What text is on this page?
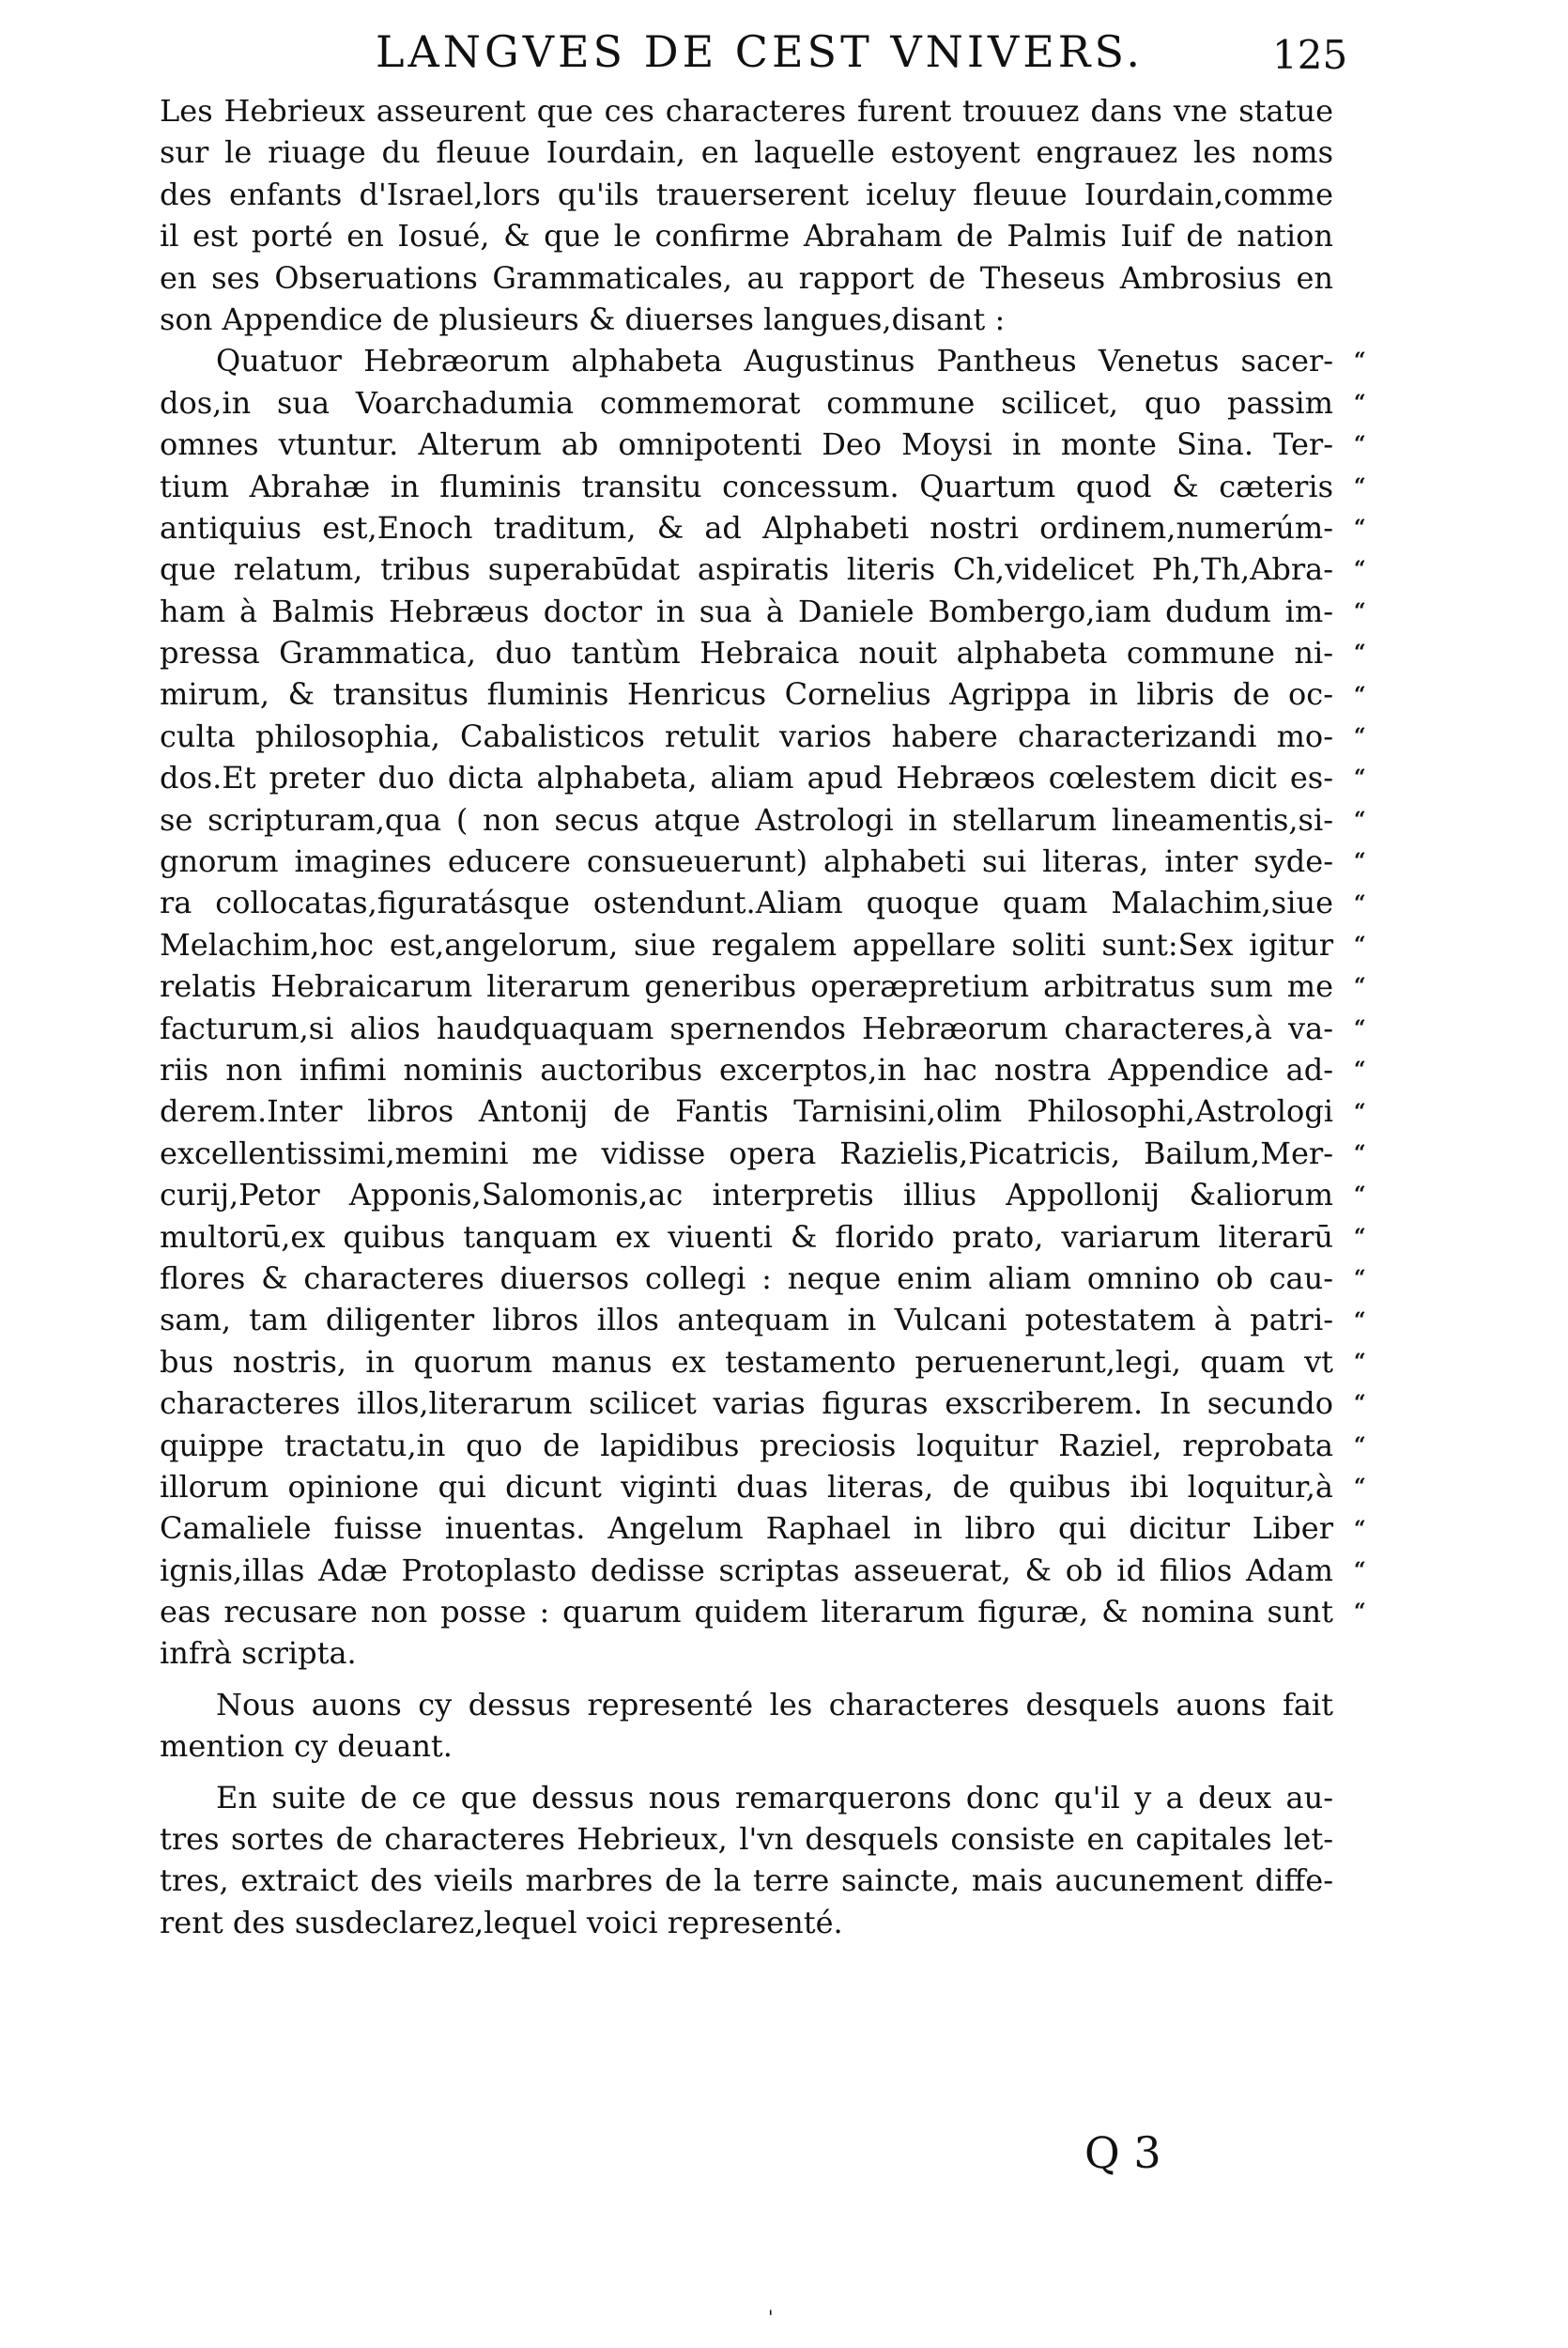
LANGVES DE CEST VNIVERS.	125
Les Hebrieux asseurent que ces characteres furent trouuez dans vne statue
sur le riuage du fleuue Iourdain, en laquelle estoyent engrauez les noms
des enfants d'Israel,lors qu'ils trauerserent iceluy fleuue Iourdain,comme
il est porté en Iosué, & que le confirme Abraham de Palmis Iuif de nation
en ses Obseruations Grammaticales, au rapport de Theseus Ambrosius en
son Appendice de plusieurs & diuerses langues,disant :
Quatuor Hebræorum alphabeta Augustinus Pantheus Venetus sacer-
dos,in sua Voarchadumia commemorat commune scilicet, quo passim
omnes vtuntur. Alterum ab omnipotenti Deo Moysi in monte Sina. Ter-
tium Abrahæ in fluminis transitu concessum. Quartum quod & cæteris
antiquius est,Enoch traditum, & ad Alphabeti nostri ordinem,numerúm-
que relatum, tribus superabūdat aspiratis literis Ch,videlicet Ph,Th,Abra-
ham à Balmis Hebræus doctor in sua à Daniele Bombergo,iam dudum im-
pressa Grammatica, duo tantùm Hebraica nouit alphabeta commune ni-
mirum, & transitus fluminis Henricus Cornelius Agrippa in libris de oc-
culta philosophia, Cabalisticos retulit varios habere characterizandi mo-
dos.Et preter duo dicta alphabeta, aliam apud Hebræos cœlestem dicit es-
se scripturam,qua ( non secus atque Astrologi in stellarum lineamentis,si-
gnorum imagines educere consueuerunt) alphabeti sui literas, inter syde-
ra collocatas,figuratásque ostendunt.Aliam quoque quam Malachim,siue
Melachim,hoc est,angelorum, siue regalem appellare soliti sunt:Sex igitur
relatis Hebraicarum literarum generibus operæpretium arbitratus sum me
facturum,si alios haudquaquam spernendos Hebræorum characteres,à va-
riis non infimi nominis auctoribus excerptos,in hac nostra Appendice ad-
derem.Inter libros Antonij de Fantis Tarnisini,olim Philosophi,Astrologi
excellentissimi,memini me vidisse opera Razielis,Picatricis, Bailum,Mer-
curij,Petor Apponis,Salomonis,ac interpretis illius Appollonij &aliorum
multorū,ex quibus tanquam ex viuenti & florido prato, variarum literarū
flores & characteres diuersos collegi : neque enim aliam omnino ob cau-
sam, tam diligenter libros illos antequam in Vulcani potestatem à patri-
bus nostris, in quorum manus ex testamento peruenerunt,legi, quam vt
characteres illos,literarum scilicet varias figuras exscriberem. In secundo
quippe tractatu,in quo de lapidibus preciosis loquitur Raziel, reprobata
illorum opinione qui dicunt viginti duas literas, de quibus ibi loquitur,à
Camaliele fuisse inuentas. Angelum Raphael in libro qui dicitur Liber
ignis,illas Adæ Protoplasto dedisse scriptas asseuerat, & ob id filios Adam
eas recusare non posse : quarum quidem literarum figuræ, & nomina sunt
infrà scripta.
Nous auons cy dessus representé les characteres desquels auons fait
mention cy deuant.
En suite de ce que dessus nous remarquerons donc qu'il y a deux au-
tres sortes de characteres Hebrieux, l'vn desquels consiste en capitales let-
tres, extraict des vieils marbres de la terre saincte, mais aucunement diffe-
rent des susdeclarez,lequel voici representé.
“
“
“
“
“
“
“
“
“
“
“
“
“
“
“
“
“
“
“
“
“
“
“
“
“
“
“
“
“
“
“
Q 3
'
